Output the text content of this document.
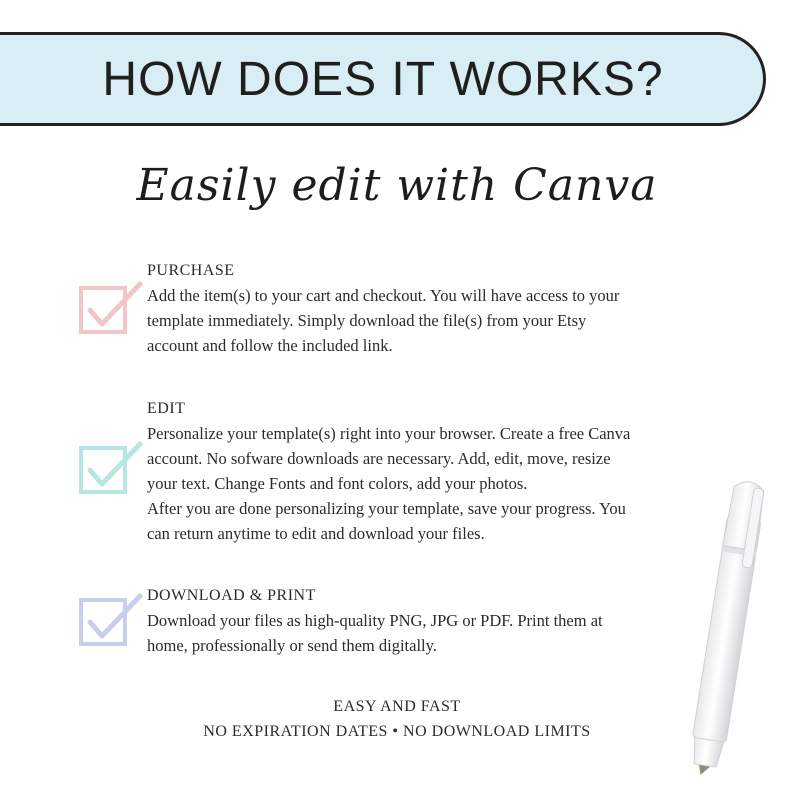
HOW DOES IT WORKS?
Easily edit with Canva
PURCHASE
Add the item(s) to your cart and checkout. You will have access to your
template immediately. Simply download the file(s) from your Etsy
account and follow the included link.
EDIT
Personalize your template(s) right into your browser. Create a free Canva
account. No sofware downloads are necessary. Add, edit, move, resize
your text. Change Fonts and font colors, add your photos.
After you are done personalizing your template, save your progress. You
can return anytime to edit and download your files.
DOWNLOAD & PRINT
Download your files as high-quality PNG, JPG or PDF. Print them at
home, professionally or send them digitally.
EASY AND FAST
NO EXPIRATION DATES • NO DOWNLOAD LIMITS
